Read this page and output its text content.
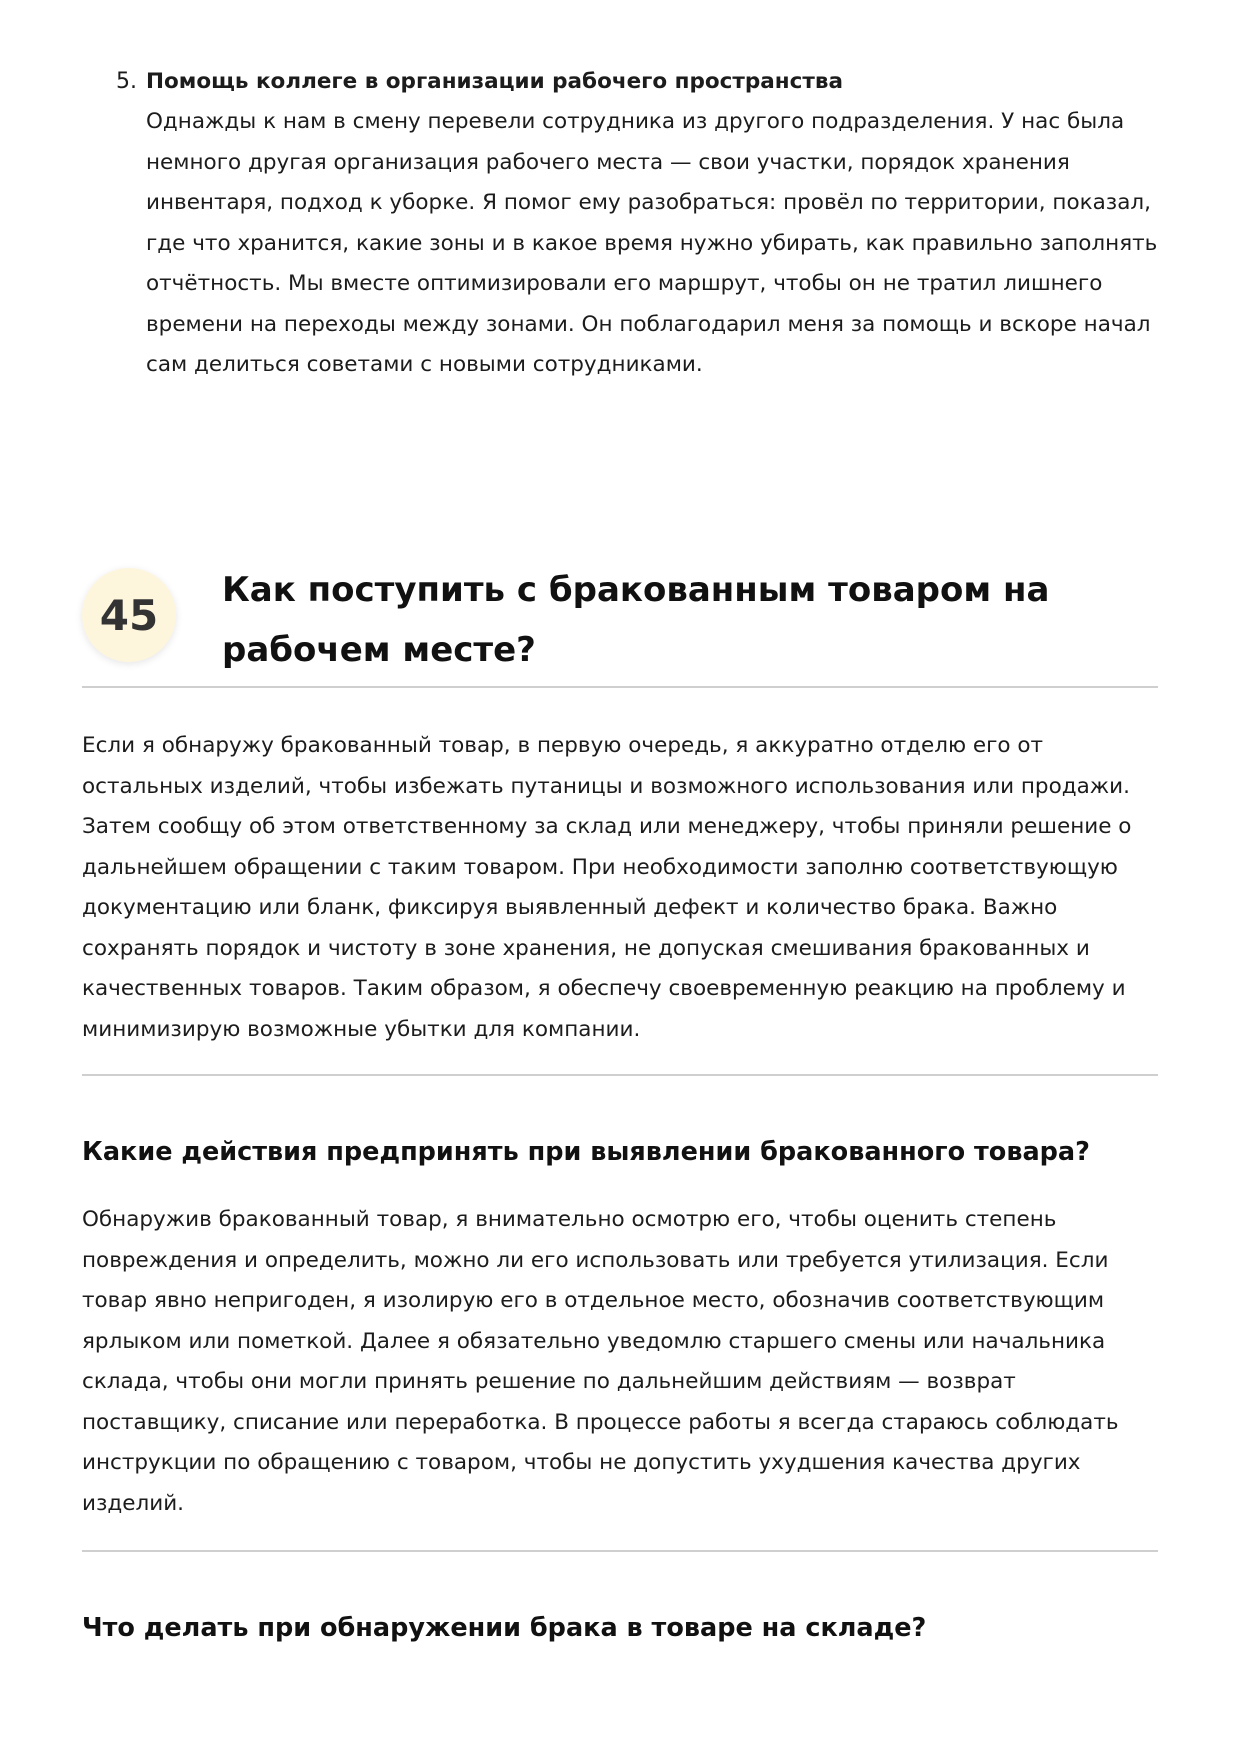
5. Помощь коллеге в организации рабочего пространства

Однажды к нам в смену перевели сотрудника из другого подразделения. У нас была немного другая организация рабочего места — свои участки, порядок хранения инвентаря, подход к уборке. Я помог ему разобраться: провёл по территории, показал, где что хранится, какие зоны и в какое время нужно убирать, как правильно заполнять отчётность. Мы вместе оптимизировали его маршрут, чтобы он не тратил лишнего времени на переходы между зонами. Он поблагодарил меня за помощь и вскоре начал сам делиться советами с новыми сотрудниками.

45
Как поступить с бракованным товаром на
рабочем месте?

Если я обнаружу бракованный товар, в первую очередь, я аккуратно отделю его от остальных изделий, чтобы избежать путаницы и возможного использования или продажи. Затем сообщу об этом ответственному за склад или менеджеру, чтобы приняли решение о дальнейшем обращении с таким товаром. При необходимости заполню соответствующую документацию или бланк, фиксируя выявленный дефект и количество брака. Важно сохранять порядок и чистоту в зоне хранения, не допуская смешивания бракованных и качественных товаров. Таким образом, я обеспечу своевременную реакцию на проблему и минимизирую возможные убытки для компании.

Какие действия предпринять при выявлении бракованного товара?

Обнаружив бракованный товар, я внимательно осмотрю его, чтобы оценить степень повреждения и определить, можно ли его использовать или требуется утилизация. Если товар явно непригоден, я изолирую его в отдельное место, обозначив соответствующим ярлыком или пометкой. Далее я обязательно уведомлю старшего смены или начальника склада, чтобы они могли принять решение по дальнейшим действиям — возврат поставщику, списание или переработка. В процессе работы я всегда стараюсь соблюдать инструкции по обращению с товаром, чтобы не допустить ухудшения качества других изделий.

Что делать при обнаружении брака в товаре на складе?
